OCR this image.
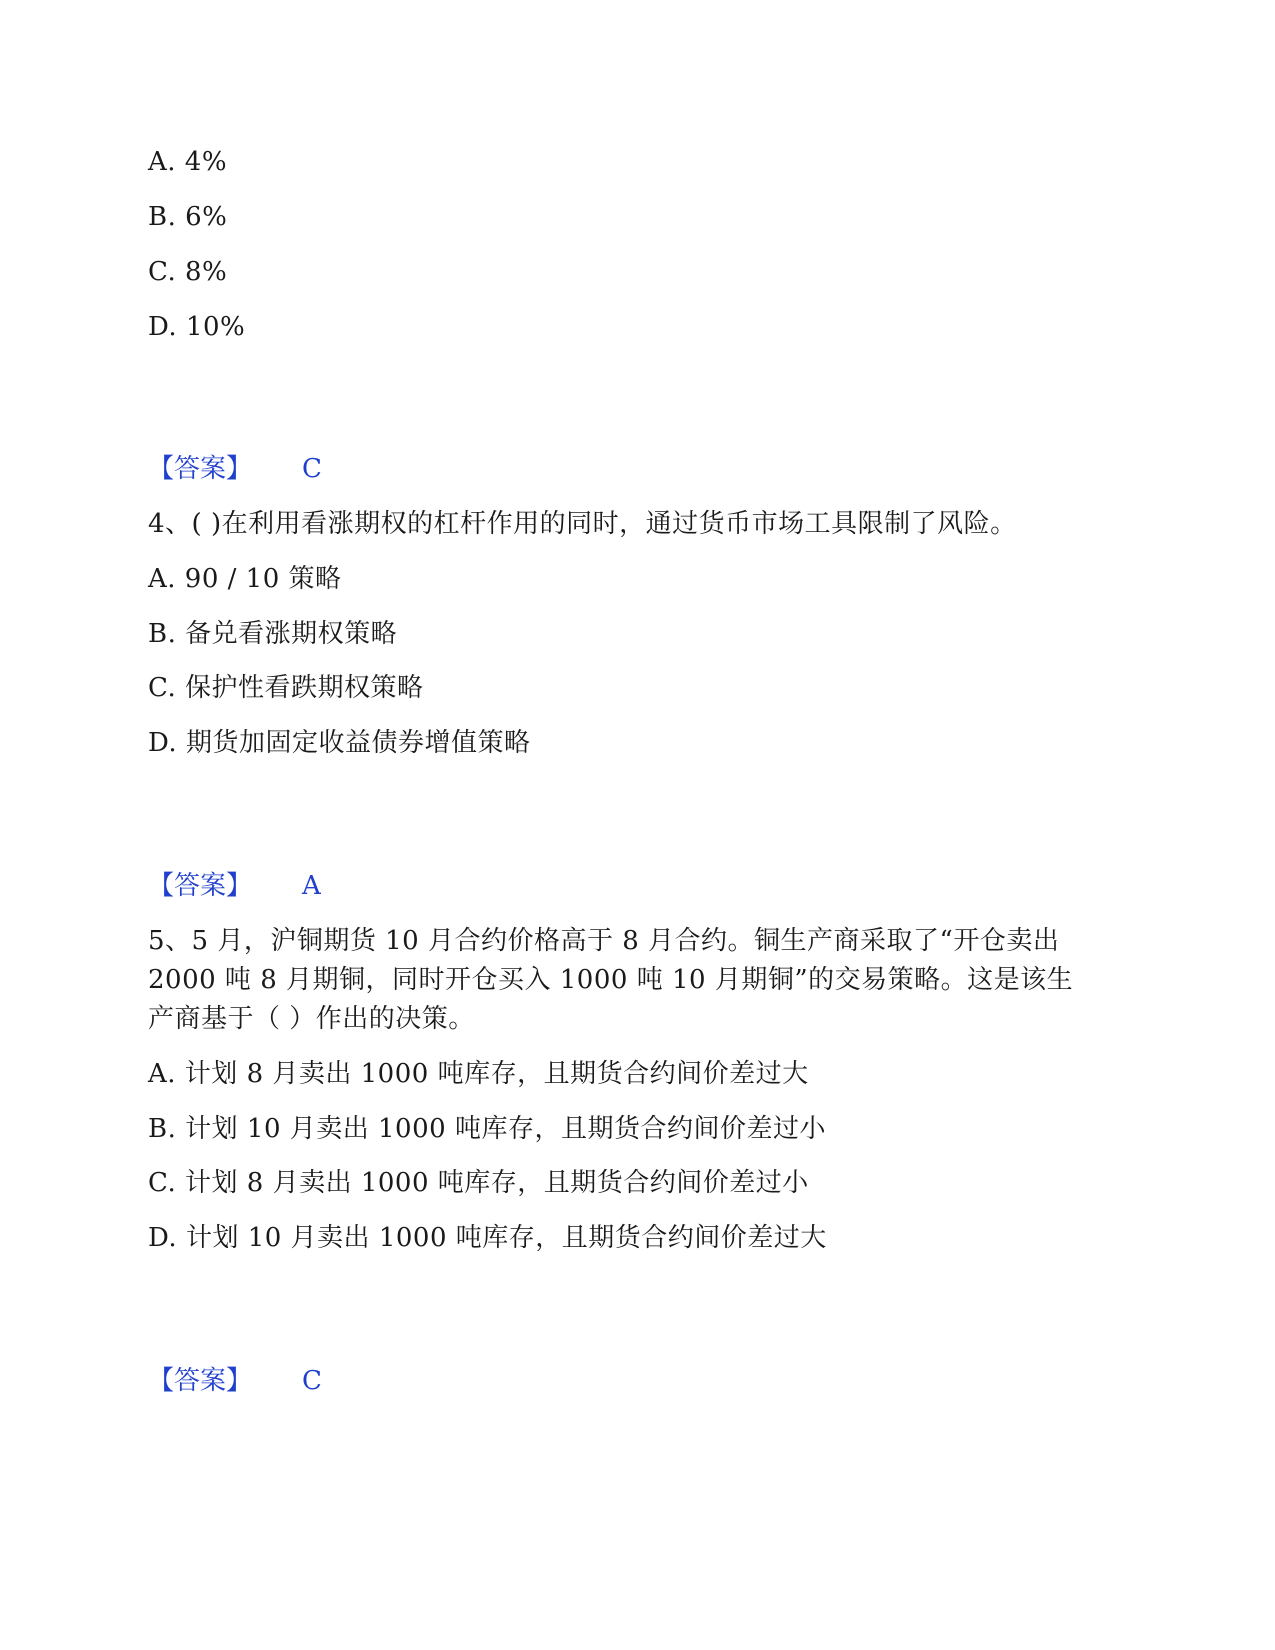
A. 4%
B. 6%
C. 8%
D. 10%
【答案】 C
4、( )在利用看涨期权的杠杆作用的同时，通过货币市场工具限制了风险。
A. 90 / 10 策略
B. 备兑看涨期权策略
C. 保护性看跌期权策略
D. 期货加固定收益债券增值策略
【答案】 A
5、5 月，沪铜期货 10 月合约价格高于 8 月合约。铜生产商采取了“开仓卖出
2000 吨 8 月期铜，同时开仓买入 1000 吨 10 月期铜”的交易策略。这是该生
产商基于（ ）作出的决策。
A. 计划 8 月卖出 1000 吨库存，且期货合约间价差过大
B. 计划 10 月卖出 1000 吨库存，且期货合约间价差过小
C. 计划 8 月卖出 1000 吨库存，且期货合约间价差过小
D. 计划 10 月卖出 1000 吨库存，且期货合约间价差过大
【答案】 C
